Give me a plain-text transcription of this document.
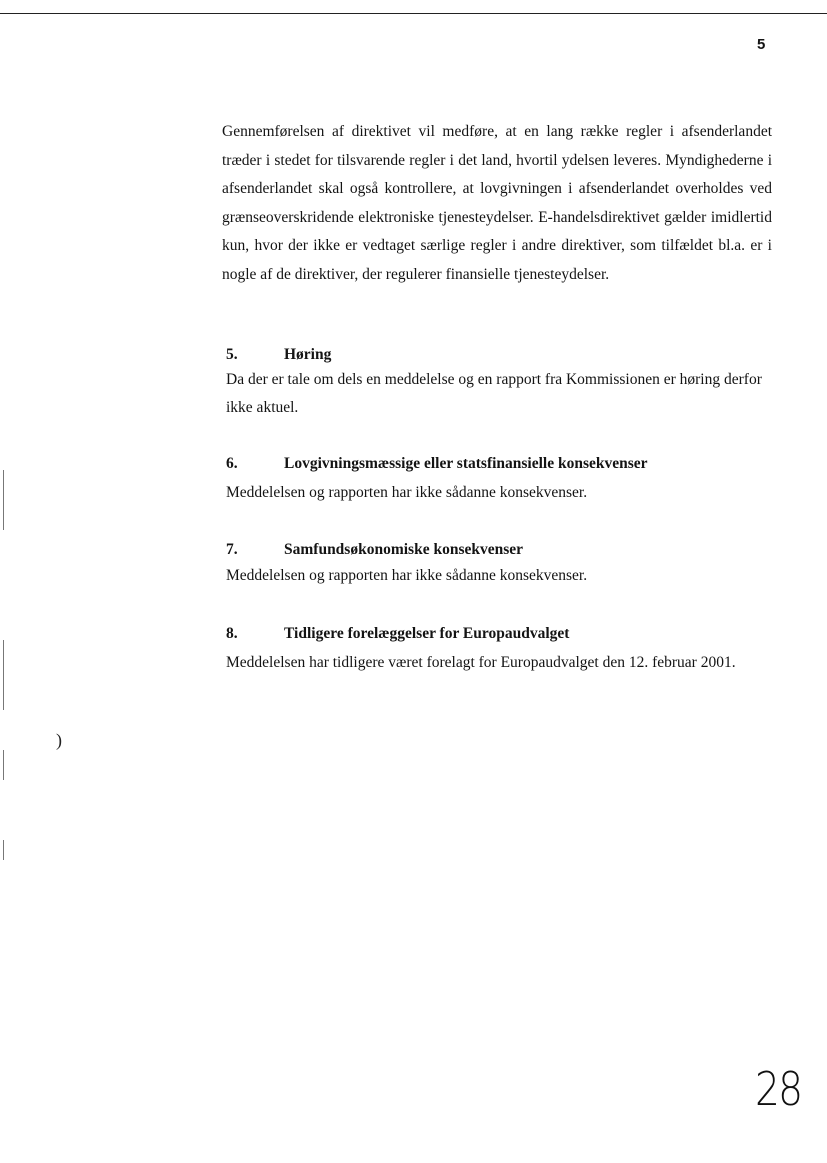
5

Gennemførelsen af direktivet vil medføre, at en lang række regler i afsenderlandet træder i stedet for tilsvarende regler i det land, hvortil ydelsen leveres. Myndighederne i afsenderlandet skal også kontrollere, at lovgivningen i afsenderlandet overholdes ved grænseoverskridende elektroniske tjenesteydelser. E-handelsdirektivet gælder imidlertid kun, hvor der ikke er vedtaget særlige regler i andre direktiver, som tilfældet bl.a. er i nogle af de direktiver, der regulerer finansielle tjenesteydelser.

5.	Høring

Da der er tale om dels en meddelelse og en rapport fra Kommissionen er høring derfor ikke aktuel.

6.	Lovgivningsmæssige eller statsfinansielle konsekvenser

Meddelelsen og rapporten har ikke sådanne konsekvenser.

7.	Samfundsøkonomiske konsekvenser

Meddelelsen og rapporten har ikke sådanne konsekvenser.

8.	Tidligere forelæggelser for Europaudvalget

Meddelelsen har tidligere været forelagt for Europaudvalget den 12. februar 2001.

)
28
